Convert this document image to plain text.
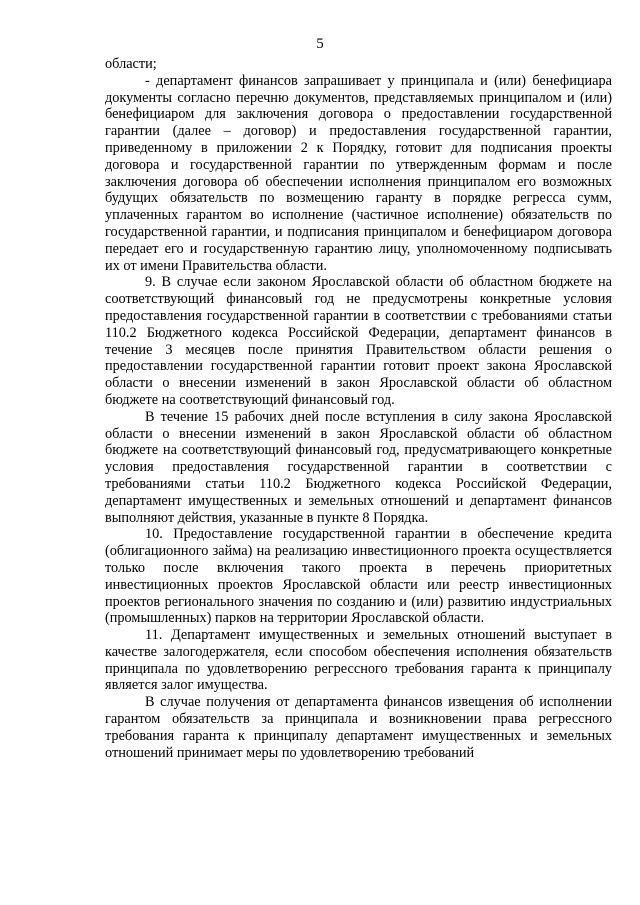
5

области;

- департамент финансов запрашивает у принципала и (или) бенефициара документы согласно перечню документов, представляемых принципалом и (или) бенефициаром для заключения договора о предоставлении государственной гарантии (далее – договор) и предоставления государственной гарантии, приведенному в приложении 2 к Порядку, готовит для подписания проекты договора и государственной гарантии по утвержденным формам и после заключения договора об обеспечении исполнения принципалом его возможных будущих обязательств по возмещению гаранту в порядке регресса сумм, уплаченных гарантом во исполнение (частичное исполнение) обязательств по государственной гарантии, и подписания принципалом и бенефициаром договора передает его и государственную гарантию лицу, уполномоченному подписывать их от имени Правительства области.

9. В случае если законом Ярославской области об областном бюджете на соответствующий финансовый год не предусмотрены конкретные условия предоставления государственной гарантии в соответствии с требованиями статьи 110.2 Бюджетного кодекса Российской Федерации, департамент финансов в течение 3 месяцев после принятия Правительством области решения о предоставлении государственной гарантии готовит проект закона Ярославской области о внесении изменений в закон Ярославской области об областном бюджете на соответствующий финансовый год.

В течение 15 рабочих дней после вступления в силу закона Ярославской области о внесении изменений в закон Ярославской области об областном бюджете на соответствующий финансовый год, предусматривающего конкретные условия предоставления государственной гарантии в соответствии с требованиями статьи 110.2 Бюджетного кодекса Российской Федерации, департамент имущественных и земельных отношений и департамент финансов выполняют действия, указанные в пункте 8 Порядка.

10. Предоставление государственной гарантии в обеспечение кредита (облигационного займа) на реализацию инвестиционного проекта осуществляется только после включения такого проекта в перечень приоритетных инвестиционных проектов Ярославской области или реестр инвестиционных проектов регионального значения по созданию и (или) развитию индустриальных (промышленных) парков на территории Ярославской области.

11. Департамент имущественных и земельных отношений выступает в качестве залогодержателя, если способом обеспечения исполнения обязательств принципала по удовлетворению регрессного требования гаранта к принципалу является залог имущества.

В случае получения от департамента финансов извещения об исполнении гарантом обязательств за принципала и возникновении права регрессного требования гаранта к принципалу департамент имущественных и земельных отношений принимает меры по удовлетворению требований
